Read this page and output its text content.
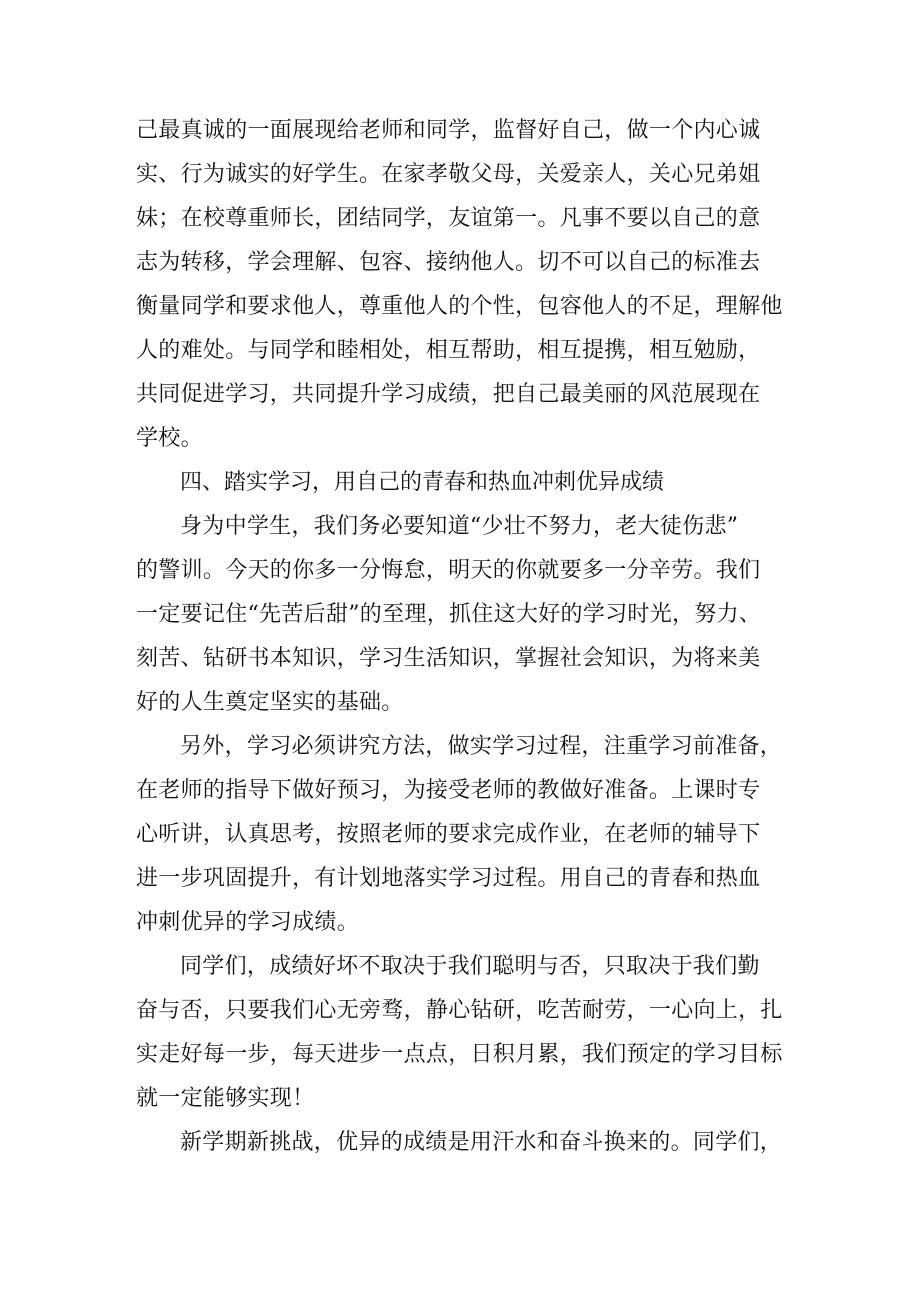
己最真诚的一面展现给老师和同学，监督好自己，做一个内心诚
实、行为诚实的好学生。在家孝敬父母，关爱亲人，关心兄弟姐
妹；在校尊重师长，团结同学，友谊第一。凡事不要以自己的意
志为转移，学会理解、包容、接纳他人。切不可以自己的标准去
衡量同学和要求他人，尊重他人的个性，包容他人的不足，理解他
人的难处。与同学和睦相处，相互帮助，相互提携，相互勉励，
共同促进学习，共同提升学习成绩，把自己最美丽的风范展现在
学校。
四、踏实学习，用自己的青春和热血冲刺优异成绩
身为中学生，我们务必要知道“少壮不努力，老大徒伤悲”
的警训。今天的你多一分悔怠，明天的你就要多一分辛劳。我们
一定要记住“先苦后甜”的至理，抓住这大好的学习时光，努力、
刻苦、钻研书本知识，学习生活知识，掌握社会知识，为将来美
好的人生奠定坚实的基础。
另外，学习必须讲究方法，做实学习过程，注重学习前准备，
在老师的指导下做好预习，为接受老师的教做好准备。上课时专
心听讲，认真思考，按照老师的要求完成作业，在老师的辅导下
进一步巩固提升，有计划地落实学习过程。用自己的青春和热血
冲刺优异的学习成绩。
同学们，成绩好坏不取决于我们聪明与否，只取决于我们勤
奋与否，只要我们心无旁骛，静心钻研，吃苦耐劳，一心向上，扎
实走好每一步，每天进步一点点，日积月累，我们预定的学习目标
就一定能够实现！
新学期新挑战，优异的成绩是用汗水和奋斗换来的。同学们，
